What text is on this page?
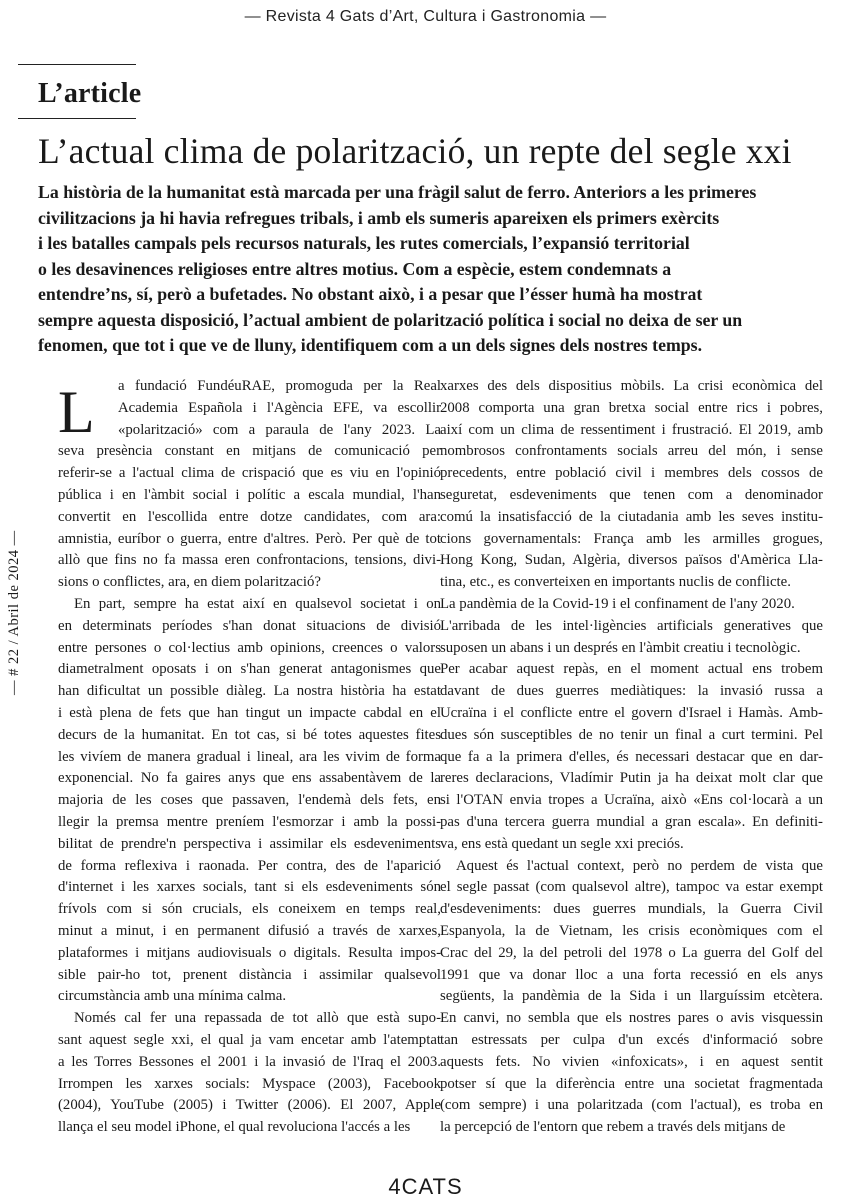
— Revista 4 Gats d’Art, Cultura i Gastronomia —
L’article
L’actual clima de polarització, un repte del segle xxi
La història de la humanitat està marcada per una fràgil salut de ferro. Anteriors a les primeres
civilitzacions ja hi havia refregues tribals, i amb els sumeris apareixen els primers exèrcits
i les batalles campals pels recursos naturals, les rutes comercials, l’expansió territorial
o les desavinences religioses entre altres motius. Com a espècie, estem condemnats a
entendre’ns, sí, però a bufetades. No obstant això, i a pesar que l’ésser humà ha mostrat
sempre aquesta disposició, l’actual ambient de polarització política i social no deixa de ser un
fenomen, que tot i que ve de lluny, identifiquem com a un dels signes dels nostres temps.
— # 22 / Abril de 2024 —
L	a fundació FundéuRAE, promoguda per la Real
Academia Española i l'Agència EFE, va escollir
«polarització» com a paraula de l'any 2023. La
seva presència constant en mitjans de comunicació per
referir-se a l'actual clima de crispació que es viu en l'opinió
pública i en l'àmbit social i polític a escala mundial, l'han
convertit en l'escollida entre dotze candidates, com ara:
amnistia, euríbor o guerra, entre d'altres. Però. Per què de tot
allò que fins no fa massa eren confrontacions, tensions, divi-
sions o conflictes, ara, en diem polarització?
En part, sempre ha estat així en qualsevol societat i on
en determinats períodes s'han donat situacions de divisió
entre persones o col·lectius amb opinions, creences o valors
diametralment oposats i on s'han generat antagonismes que
han dificultat un possible diàleg. La nostra història ha estat
i està plena de fets que han tingut un impacte cabdal en el
decurs de la humanitat. En tot cas, si bé totes aquestes fites
les vivíem de manera gradual i lineal, ara les vivim de forma
exponencial. No fa gaires anys que ens assabentàvem de la
majoria de les coses que passaven, l'endemà dels fets, en
llegir la premsa mentre preníem l'esmorzar i amb la possi-
bilitat de prendre'n perspectiva i assimilar els esdeveniments
de forma reflexiva i raonada. Per contra, des de l'aparició
d'internet i les xarxes socials, tant si els esdeveniments són
frívols com si són crucials, els coneixem en temps real,
minut a minut, i en permanent difusió a través de xarxes,
plataformes i mitjans audiovisuals o digitals. Resulta impos-
sible pair-ho tot, prenent distància i assimilar qualsevol
circumstància amb una mínima calma.
Només cal fer una repassada de tot allò que està supo-
sant aquest segle xxi, el qual ja vam encetar amb l'atemptat
a les Torres Bessones el 2001 i la invasió de l'Iraq el 2003.
Irrompen les xarxes socials: Myspace (2003), Facebook
(2004), YouTube (2005) i Twitter (2006). El 2007, Apple
llança el seu model iPhone, el qual revoluciona l'accés a les
xarxes des dels dispositius mòbils. La crisi econòmica del
2008 comporta una gran bretxa social entre rics i pobres,
així com un clima de ressentiment i frustració. El 2019, amb
nombrosos confrontaments socials arreu del món, i sense
precedents, entre població civil i membres dels cossos de
seguretat, esdeveniments que tenen com a denominador
comú la insatisfacció de la ciutadania amb les seves institu-
cions governamentals: França amb les armilles grogues,
Hong Kong, Sudan, Algèria, diversos països d'Amèrica Lla-
tina, etc., es converteixen en importants nuclis de conflicte.
La pandèmia de la Covid-19 i el confinament de l'any 2020.
L'arribada de les intel·ligències artificials generatives que
suposen un abans i un després en l'àmbit creatiu i tecnològic.
Per acabar aquest repàs, en el moment actual ens trobem
davant de dues guerres mediàtiques: la invasió russa a
Ucraïna i el conflicte entre el govern d'Israel i Hamàs. Amb-
dues són susceptibles de no tenir un final a curt termini. Pel
que fa a la primera d'elles, és necessari destacar que en dar-
reres declaracions, Vladímir Putin ja ha deixat molt clar que
si l'OTAN envia tropes a Ucraïna, això «Ens col·locarà a un
pas d'una tercera guerra mundial a gran escala». En definiti-
va, ens està quedant un segle xxi preciós.
Aquest és l'actual context, però no perdem de vista que
el segle passat (com qualsevol altre), tampoc va estar exempt
d'esdeveniments: dues guerres mundials, la Guerra Civil
Espanyola, la de Vietnam, les crisis econòmiques com el
Crac del 29, la del petroli del 1978 o La guerra del Golf del
1991 que va donar lloc a una forta recessió en els anys
següents, la pandèmia de la Sida i un llarguíssim etcètera.
En canvi, no sembla que els nostres pares o avis visquessin
tan estressats per culpa d'un excés d'informació sobre
aquests fets. No vivien «infoxicats», i en aquest sentit
potser sí que la diferència entre una societat fragmentada
(com sempre) i una polaritzada (com l'actual), es troba en
la percepció de l'entorn que rebem a través dels mitjans de
4CATS
